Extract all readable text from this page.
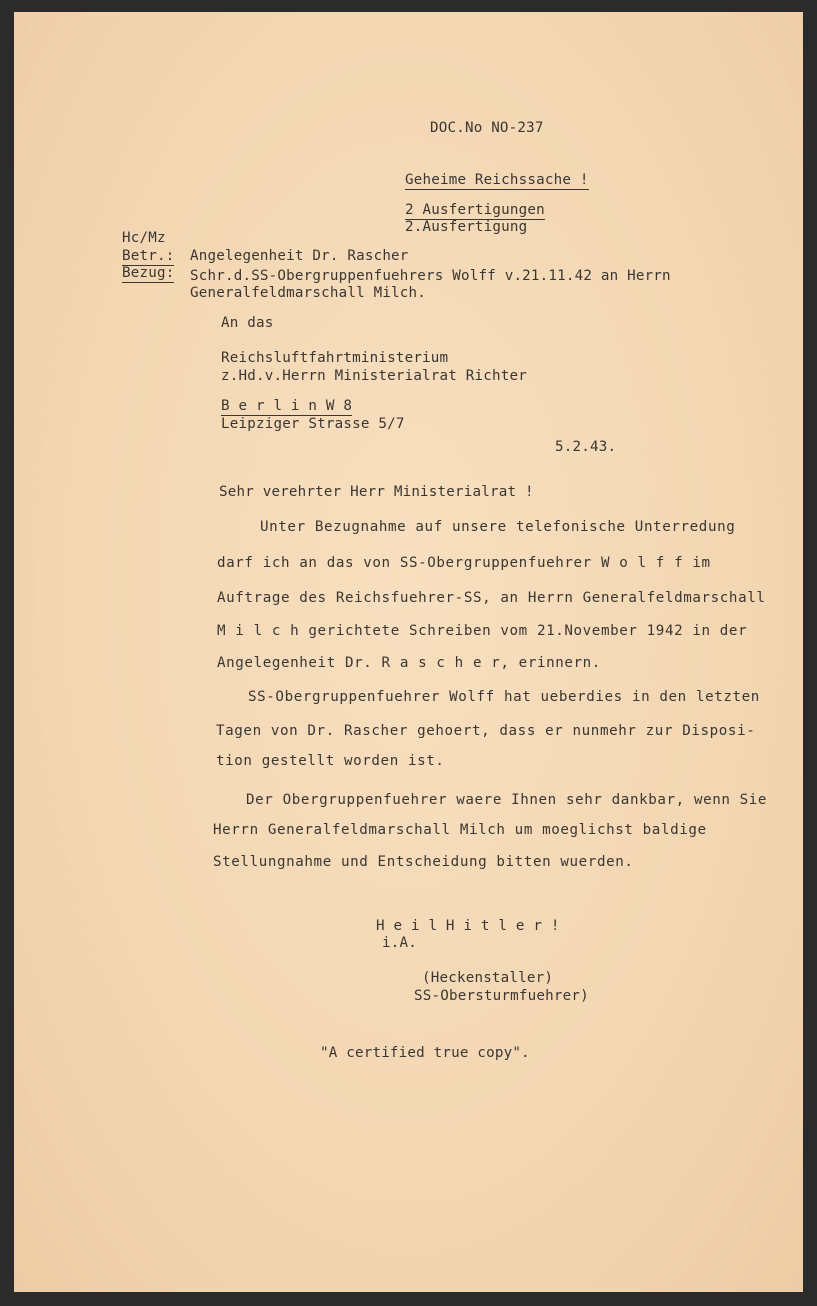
DOC.No NO-237
Geheime Reichssache !
2 Ausfertigungen
2.Ausfertigung
Hc/Mz
Betr.: Angelegenheit Dr. Rascher
Bezug: Schr.d.SS-Obergruppenfuehrers Wolff v.21.11.42 an Herrn
Generalfeldmarschall Milch.
An das
Reichsluftfahrtministerium
z.Hd.v.Herrn Ministerialrat Richter
B e r l i n W 8
Leipziger Strasse 5/7
5.2.43.
Sehr verehrter Herr Ministerialrat !
Unter Bezugnahme auf unsere telefonische Unterredung
darf ich an das von SS-Obergruppenfuehrer W o l f f im
Auftrage des Reichsfuehrer-SS, an Herrn Generalfeldmarschall
M i l c h gerichtete Schreiben vom 21.November 1942 in der
Angelegenheit Dr. R a s c h e r, erinnern.
SS-Obergruppenfuehrer Wolff hat ueberdies in den letzten
Tagen von Dr. Rascher gehoert, dass er nunmehr zur Disposi-
tion gestellt worden ist.
Der Obergruppenfuehrer waere Ihnen sehr dankbar, wenn Sie
Herrn Generalfeldmarschall Milch um moeglichst baldige
Stellungnahme und Entscheidung bitten wuerden.
H e i l H i t l e r !
i.A.
(Heckenstaller)
SS-Obersturmfuehrer)
"A certified true copy".
